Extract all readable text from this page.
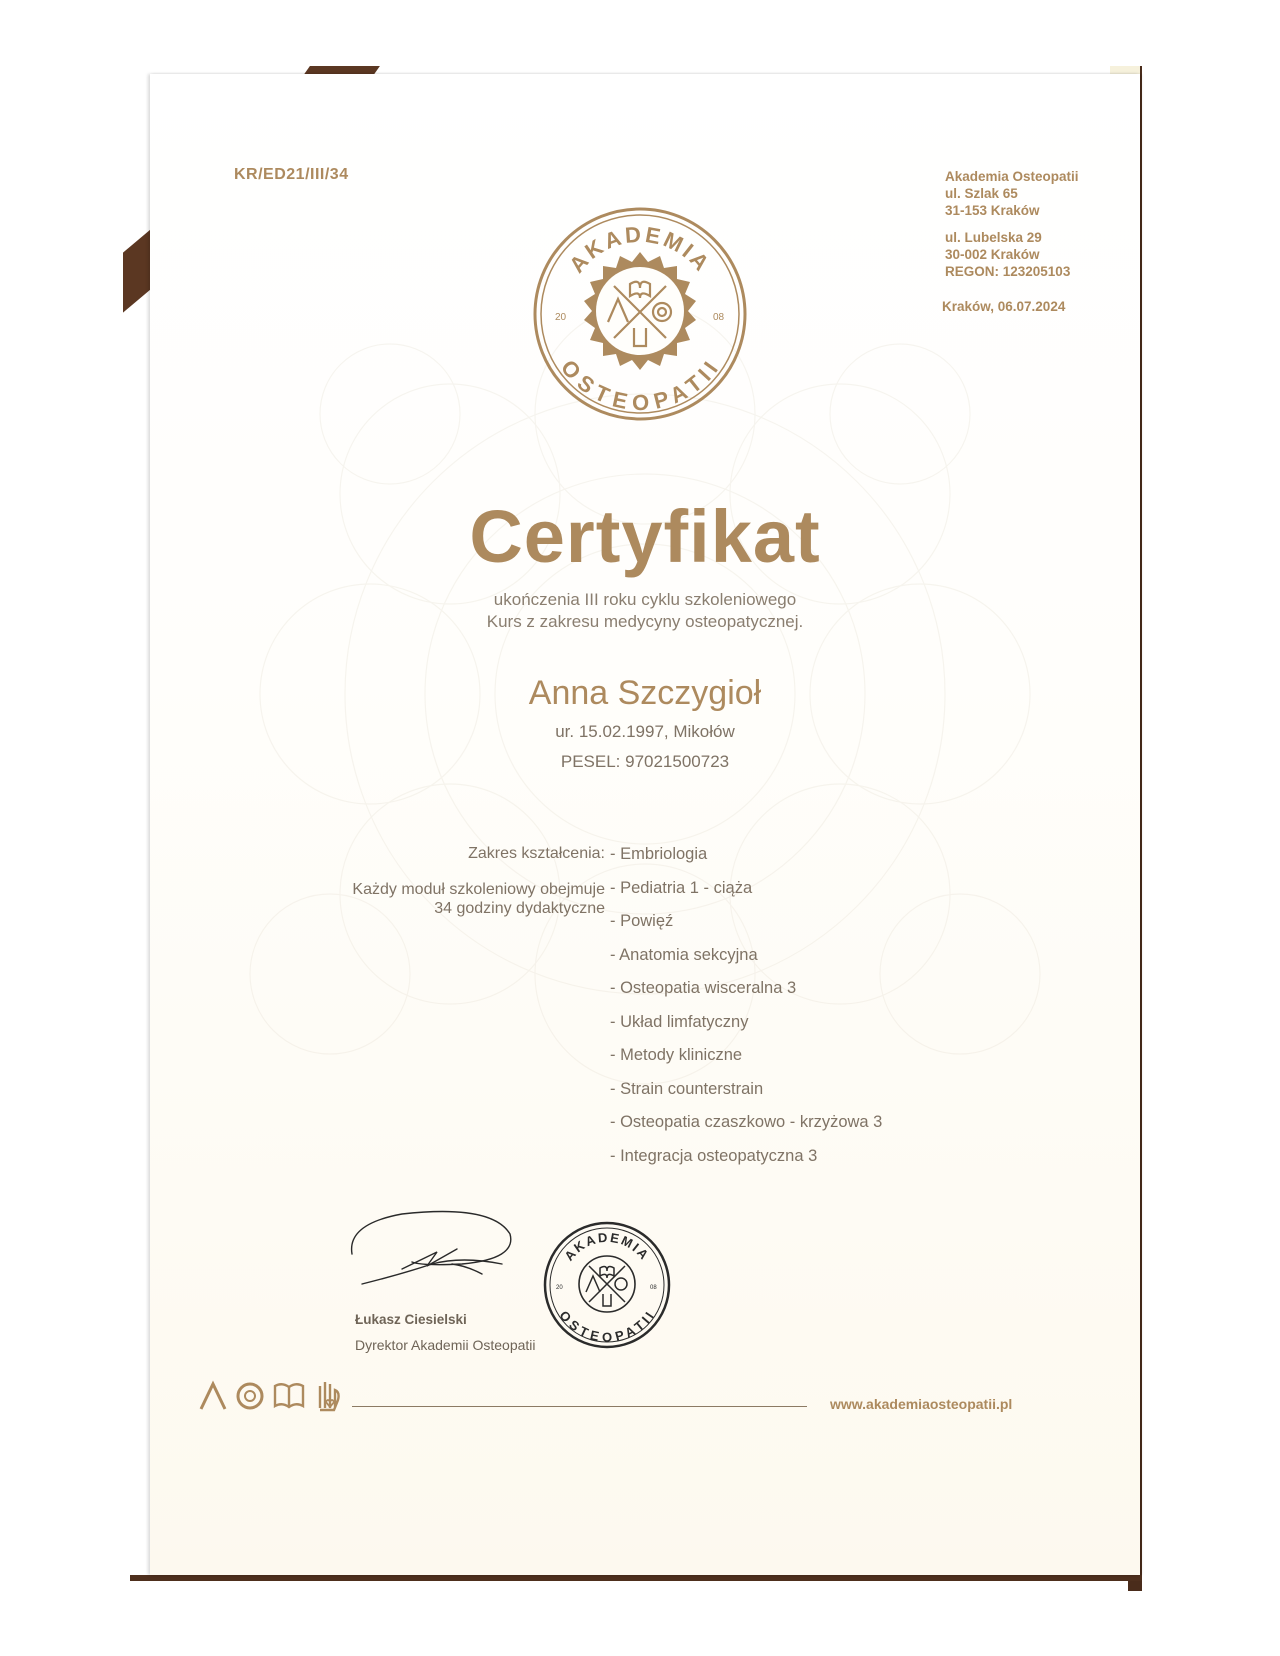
KR/ED21/III/34	Akademia Osteopatii
ul. Szlak 65
31-153 Kraków
ul. Lubelska 29
30-002 Kraków
REGON: 123205103
Kraków, 06.07.2024
AKADEMIA
OSTEOPATII
20	08
Certyfikat
ukończenia III roku cyklu szkoleniowego
Kurs z zakresu medycyny osteopatycznej.
Anna Szczygioł
ur. 15.02.1997, Mikołów
PESEL: 97021500723
Zakres kształcenia:
Każdy moduł szkoleniowy obejmuje
34 godziny dydaktyczne
- Embriologia
- Pediatria 1 - ciąża
- Powięź
- Anatomia sekcyjna
- Osteopatia wisceralna 3
- Układ limfatyczny
- Metody kliniczne
- Strain counterstrain
- Osteopatia czaszkowo - krzyżowa 3
- Integracja osteopatyczna 3
Łukasz Ciesielski
Dyrektor Akademii Osteopatii
AKADEMIA
OSTEOPATII
20	08
www.akademiaosteopatii.pl
